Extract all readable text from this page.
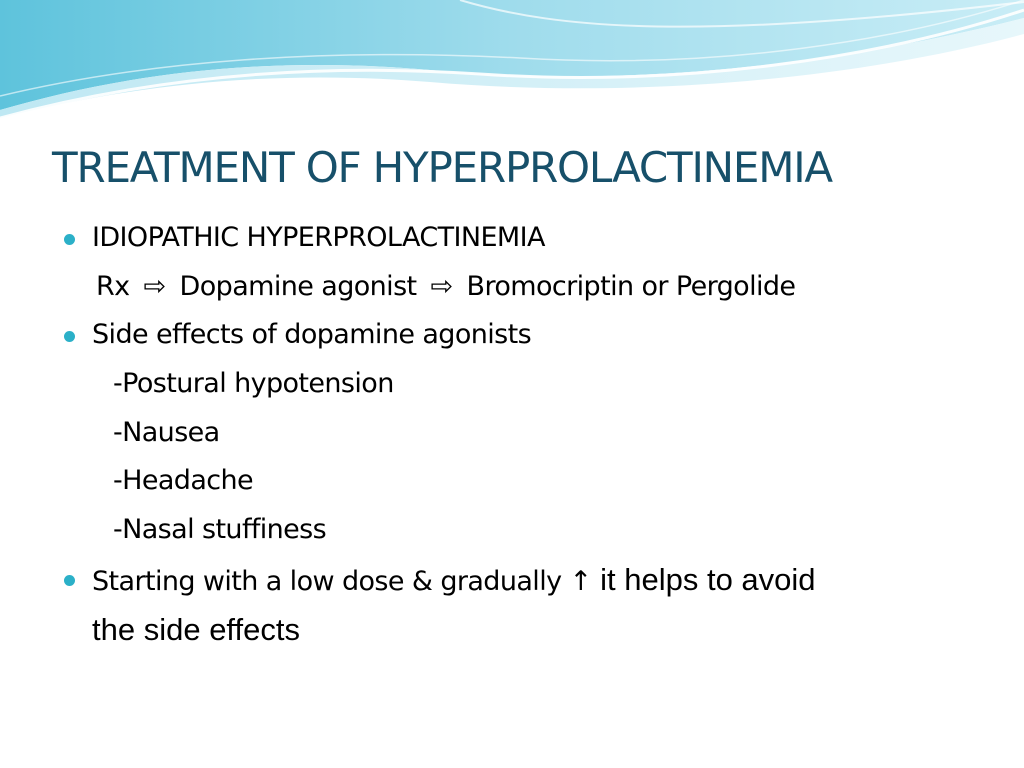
TREATMENT OF HYPERPROLACTINEMIA
IDIOPATHIC HYPERPROLACTINEMIA
Rx ⇨ Dopamine agonist ⇨ Bromocriptin or Pergolide
Side effects of dopamine agonists
-Postural hypotension
-Nausea
-Headache
-Nasal stuffiness
Starting with a low dose & gradually ↑ it helps to avoid
the side effects
